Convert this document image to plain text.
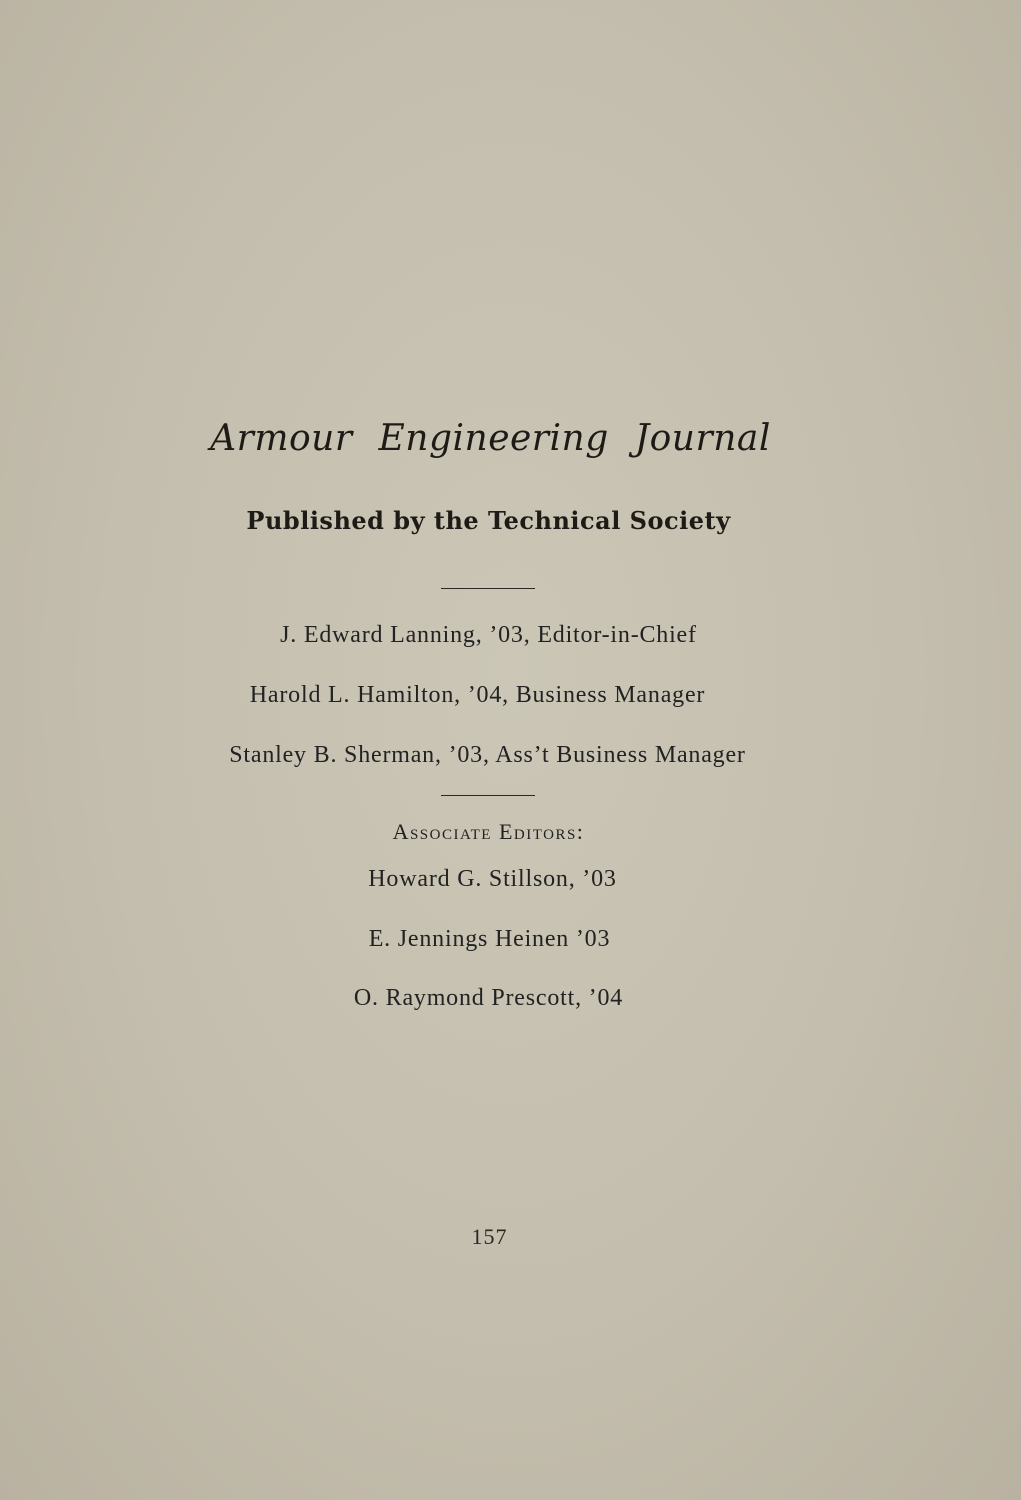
Armour Engineering Journal
Published by the Technical Society
J. Edward Lanning, ’03, Editor-in-Chief
Harold L. Hamilton, ’04, Business Manager
Stanley B. Sherman, ’03, Ass’t Business Manager
Associate Editors:
Howard G. Stillson, ’03
E. Jennings Heinen ’03
O. Raymond Prescott, ’04
157
